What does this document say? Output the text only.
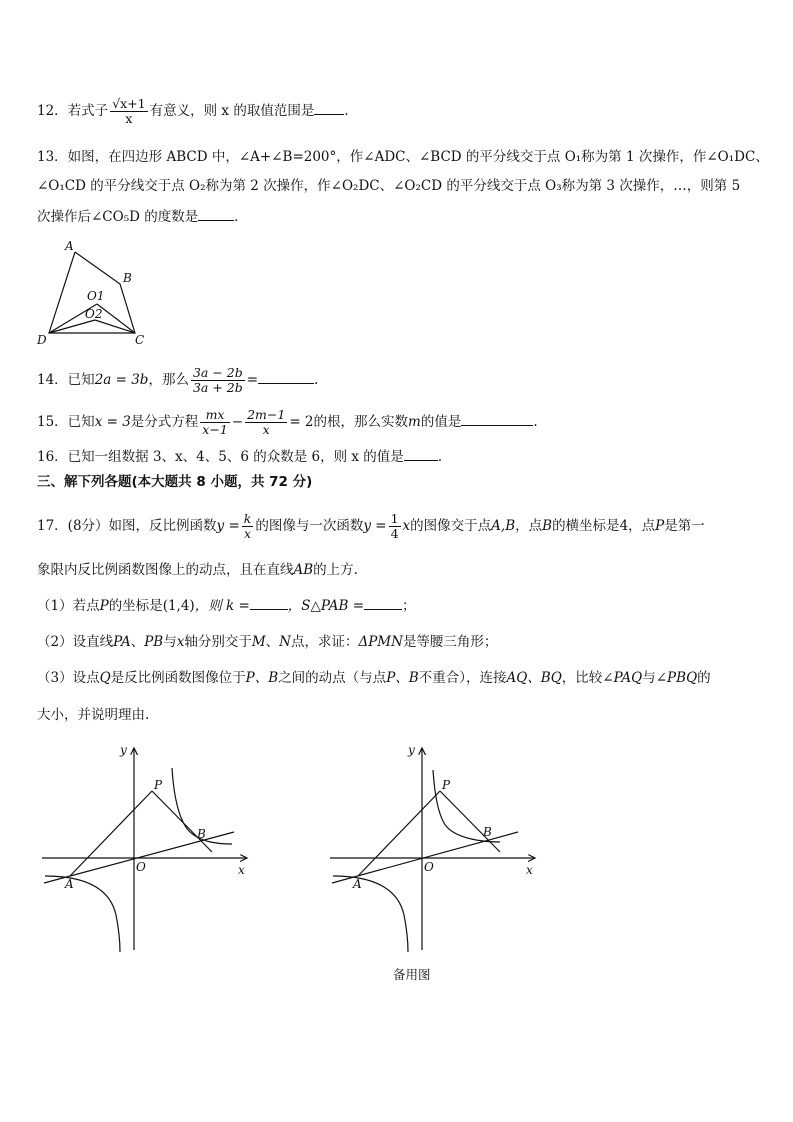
12．若式子 $\frac{√x+1}{x}$ 有意义，则 x 的取值范围是 ．
13．如图，在四边形 ABCD 中，∠A+∠B=200°，作∠ADC、∠BCD 的平分线交于点 O₁称为第 1 次操作，作∠O₁DC、
∠O₁CD 的平分线交于点 O₂称为第 2 次操作，作∠O₂DC、∠O₂CD 的平分线交于点 O₃称为第 3 次操作，…，则第 5
次操作后∠CO₅D 的度数是	．
A
B
C
D
O1
O2
14．已知2a = 3b，那么 $\frac{3a - 2b}{3a + 2b}$ =	.
15．已知x = 3是分式方程 $\frac{mx}{x-1} - \frac{2m-1}{x} = 2$的根，那么实数m的值是	.
16．已知一组数据 3、x、4、5、6 的众数是 6，则 x 的值是	．
三、解下列各题(本大题共 8 小题，共 72 分)
17．(8分）如图，反比例函数$y = \frac{k}{x}$ 的图像与一次函数$y = \frac{1}{4}$ x的图像交于点A,B，点B的横坐标是4，点P是第一
象限内反比例函数图像上的动点，且在直线AB的上方.
（1）若点P的坐标是(1,4)，则 k =	，S△PAB =	；
（2）设直线PA、PB与x轴分别交于M、N点，求证：ΔPMN是等腰三角形；
（3）设点Q是反比例函数图像位于P、B之间的动点（与点P、B不重合），连接AQ、BQ，比较∠PAQ与∠PBQ的
大小，并说明理由.
y
x
O
P
A
B
y
x
O
P
A
B
备用图
